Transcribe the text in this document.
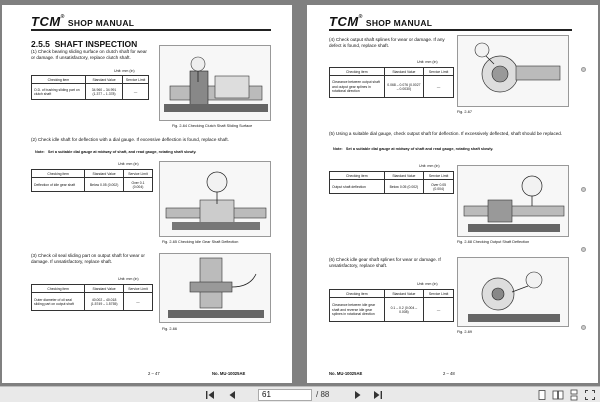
TCM®SHOP MANUAL
2.5.5 SHAFT INSPECTION
(1) Check bearing sliding surface on clutch shaft for wear or damage. If unsatisfactory, replace clutch shaft.
Unit: mm (in)
Checking item	Standard Value	Service Limit
O.D. of bushing sliding part on clutch shaft	34.960 – 34.991 (1.377 – 1.378)	—
Fig. 2-64 Checking Clutch Shaft Sliding Surface
(2) Check idle shaft for deflection with a dial gauge. If excessive deflection is found, replace shaft.
Note: Set a suitable dial gauge at midway of shaft, and read gauge, rotating shaft slowly.
Unit: mm (in)
Checking item	Standard Value	Service Limit
Deflection of idle gear shaft	Below 0.05 (0.002)	Over 0.1 (0.004)
Fig. 2-65 Checking Idle Gear Shaft Deflection
(3) Check oil seal sliding part on output shaft for wear or damage. If unsatisfactory, replace shaft.
Unit: mm (in)
Checking item	Standard Value	Service Limit
Outer diameter of oil seal sliding part on output shaft	40.002 – 40.018 (1.5749 – 1.5755)	—
Fig. 2-66
2 – 47	No. MU-10025AE
TCM®SHOP MANUAL
(4) Check output shaft splines for wear or damage. If any defect is found, replace shaft.
Unit: mm (in)
Checking item	Standard Value	Service Limit
Clearance between output shaft and output gear splines in rotational direction	0.068 – 0.076 (0.0027 – 0.0030)	—
Fig. 2-67
(5) Using a suitable dial gauge, check output shaft for deflection. If excessively deflected, shaft should be replaced.
Note: Set a suitable dial gauge at midway of shaft and read gauge, rotating shaft slowly.
Unit: mm (in)
Checking item	Standard Value	Service Limit
Output shaft deflection	Below 0.05 (0.002)	Over 0.05 (0.004)
Fig. 2-68 Checking Output Shaft Deflection
(6) Check idle gear shaft splines for wear or damage. If unsatisfactory, replace shaft.
Unit: mm (in)
Checking item	Standard Value	Service Limit
Clearance between idle gear shaft and reverse idle gear splines in rotational direction	0.1 – 0.2 (0.004 – 0.008)	—
Fig. 2-69
No. MU-10025AE	2 – 48
61	/ 88
